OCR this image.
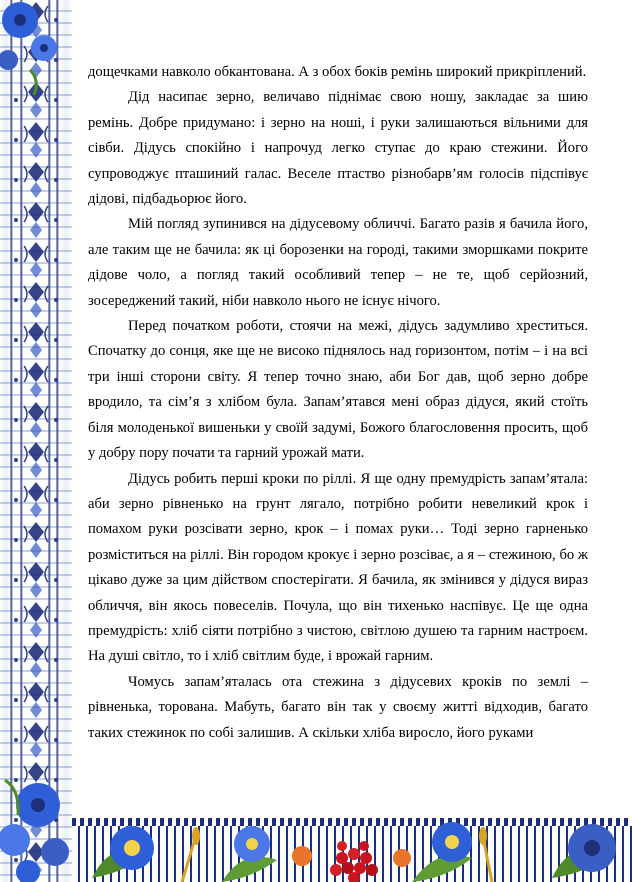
дощечками навколо обкантована. А з обох боків ремінь широкий прикріплений.

Дід насипає зерно, величаво піднімає свою ношу, закладає за шию ремінь. Добре придумано: і зерно на ноші, і руки залишаються вільними для сівби. Дідусь спокійно і напрочуд легко ступає до краю стежини. Його супроводжує пташиний галас. Веселе птаство різнобарв’ям голосів підспівує дідові, підбадьорює його.

Мій погляд зупинився на дідусевому обличчі. Багато разів я бачила його, але таким ще не бачила: як ці борозенки на городі, такими зморшками покрите дідове чоло, а погляд такий особливий тепер – не те, щоб серйозний, зосереджений такий, ніби навколо нього не існує нічого.

Перед початком роботи, стоячи на межі, дідусь задумливо хреститься. Спочатку до сонця, яке ще не високо піднялось над горизонтом, потім – і на всі три інші сторони світу. Я тепер точно знаю, аби Бог дав, щоб зерно добре вродило, та сім’я з хлібом була. Запам’ятався мені образ дідуся, який стоїть біля молоденької вишеньки у своїй задумі, Божого благословення просить, щоб у добру пору почати та гарний урожай мати.

Дідусь робить перші кроки по ріллі. Я ще одну премудрість запам’ятала: аби зерно рівненько на грунт лягало, потрібно робити невеликий крок і помахом руки розсівати зерно, крок – і помах руки… Тоді зерно гарненько розміститься на ріллі. Він городом крокує і зерно розсіває, а я – стежиною, бо ж цікаво дуже за цим дійством спостерігати. Я бачила, як змінився у дідуся вираз обличчя, він якось повеселів. Почула, що він тихенько наспівує. Це ще одна премудрість: хліб сіяти потрібно з чистою, світлою душею та гарним настроєм. На душі світло, то і хліб світлим буде, і врожай гарним.

Чомусь запам’яталась ота стежина з дідусевих кроків по землі – рівненька, торована. Мабуть, багато він так у своєму житті відходив, багато таких стежинок по собі залишив. А скільки хліба виросло, його руками
